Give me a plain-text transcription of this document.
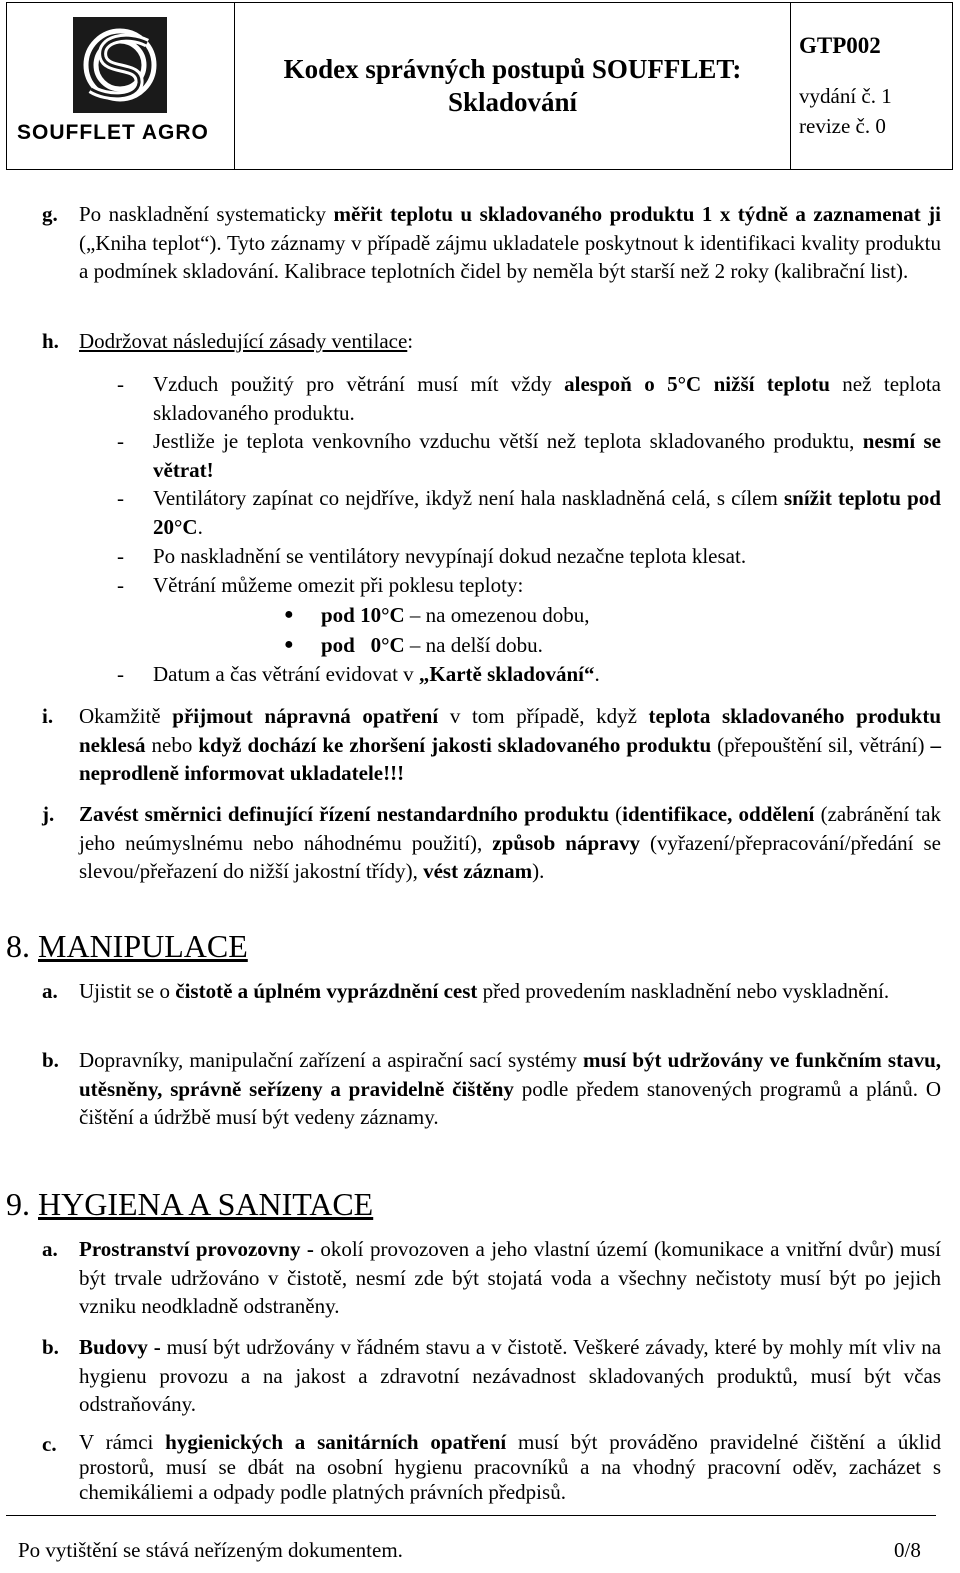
SOUFFLET AGRO
Kodex správných postupů SOUFFLET:
Skladování
GTP002
vydání č. 1
revize č. 0
g. Po naskladnění systematicky měřit teplotu u skladovaného produktu 1 x týdně a zaznamenat ji („Kniha teplot“). Tyto záznamy v případě zájmu ukladatele poskytnout k identifikaci kvality produktu a podmínek skladování. Kalibrace teplotních čidel by neměla být starší než 2 roky (kalibrační list).
h. Dodržovat následující zásady ventilace:
- Vzduch použitý pro větrání musí mít vždy alespoň o 5°C nižší teplotu než teplota skladovaného produktu.
- Jestliže je teplota venkovního vzduchu větší než teplota skladovaného produktu, nesmí se větrat!
- Ventilátory zapínat co nejdříve, ikdyž není hala naskladněná celá, s cílem snížit teplotu pod 20°C.
- Po naskladnění se ventilátory nevypínají dokud nezačne teplota klesat.
- Větrání můžeme omezit při poklesu teploty:
● pod 10°C – na omezenou dobu,
● pod   0°C – na delší dobu.
- Datum a čas větrání evidovat v „Kartě skladování“.
i. Okamžitě přijmout nápravná opatření v tom případě, když teplota skladovaného produktu neklesá nebo když dochází ke zhoršení jakosti skladovaného produktu (přepouštění sil, větrání) – neprodleně informovat ukladatele!!!
j. Zavést směrnici definující řízení nestandardního produktu (identifikace, oddělení (zabránění tak jeho neúmyslnému nebo náhodnému použití), způsob nápravy (vyřazení/přepracování/předání se slevou/přeřazení do nižší jakostní třídy), vést záznam).
8. MANIPULACE
a. Ujistit se o čistotě a úplném vyprázdnění cest před provedením naskladnění nebo vyskladnění.
b. Dopravníky, manipulační zařízení a aspirační sací systémy musí být udržovány ve funkčním stavu, utěsněny, správně seřízeny a pravidelně čištěny podle předem stanovených programů a plánů. O čištění a údržbě musí být vedeny záznamy.
9. HYGIENA A SANITACE
a. Prostranství provozovny - okolí provozoven a jeho vlastní území (komunikace a vnitřní dvůr) musí být trvale udržováno v čistotě, nesmí zde být stojatá voda a všechny nečistoty musí být po jejich vzniku neodkladně odstraněny.
b. Budovy - musí být udržovány v řádném stavu a v čistotě. Veškeré závady, které by mohly mít vliv na hygienu provozu a na jakost a zdravotní nezávadnost skladovaných produktů, musí být včas odstraňovány.
c. V rámci hygienických a sanitárních opatření musí být prováděno pravidelné čištění a úklid prostorů, musí se dbát na osobní hygienu pracovníků a na vhodný pracovní oděv, zacházet s chemikáliemi a odpady podle platných právních předpisů.
Po vytištění se stává neřízeným dokumentem.	0/8
